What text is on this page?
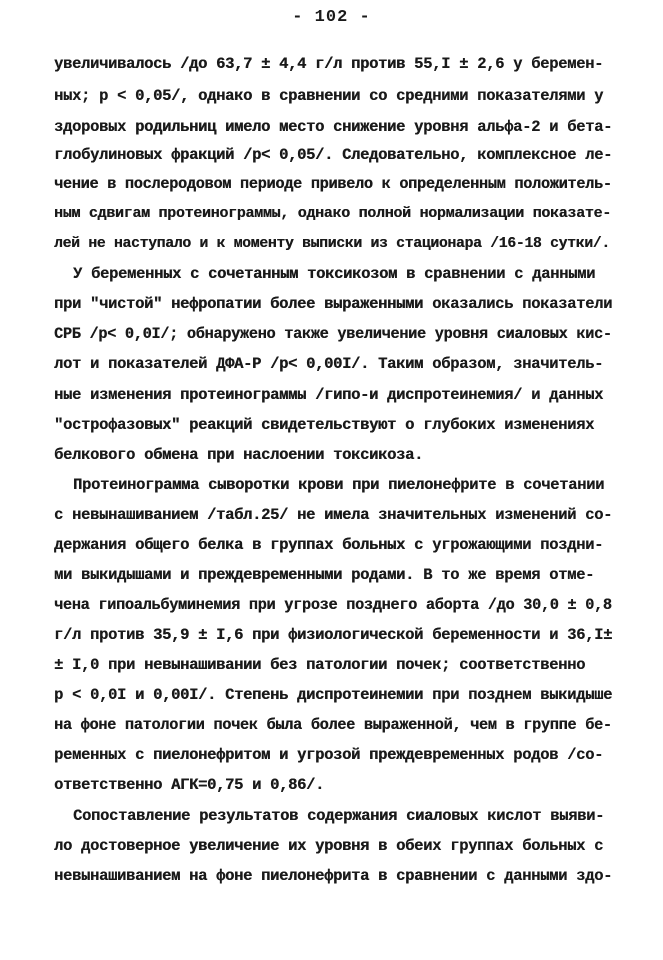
- 102 -
увеличивалось /до 63,7 ± 4,4 г/л против 55,I ± 2,6 у беремен-
ных; р < 0,05/, однако в сравнении со средними показателями у
здоровых родильниц имело место снижение уровня альфа-2 и бета-
глобулиновых фракций /р< 0,05/. Следовательно, комплексное ле-
чение в послеродовом периоде привело к определенным положитель-
ным сдвигам протеинограммы, однако полной нормализации показате-
лей не наступало и к моменту выписки из стационара /16-18 сутки/.
У беременных с сочетанным токсикозом в сравнении с данными
при "чистой" нефропатии более выраженными оказались показатели
СРБ /р< 0,0I/; обнаружено также увеличение уровня сиаловых кис-
лот и показателей ДФА-Р /р< 0,00I/. Таким образом, значитель-
ные изменения протеинограммы /гипо-и диспротеинемия/ и данных
"острофазовых" реакций свидетельствуют о глубоких изменениях
белкового обмена при наслоении токсикоза.
Протеинограмма сыворотки крови при пиелонефрите в сочетании
с невынашиванием /табл.25/ не имела значительных изменений со-
держания общего белка в группах больных с угрожающими поздни-
ми выкидышами и преждевременными родами. В то же время отме-
чена гипоальбуминемия при угрозе позднего аборта /до 30,0 ± 0,8
г/л против 35,9 ± I,6 при физиологической беременности и 36,I±
± I,0 при невынашивании без патологии почек; соответственно
р < 0,0I и 0,00I/. Степень диспротеинемии при позднем выкидыше
на фоне патологии почек была более выраженной, чем в группе бе-
ременных с пиелонефритом и угрозой преждевременных родов /со-
ответственно АГК=0,75 и 0,86/.
Сопоставление результатов содержания сиаловых кислот выяви-
ло достоверное увеличение их уровня в обеих группах больных с
невынашиванием на фоне пиелонефрита в сравнении с данными здо-
